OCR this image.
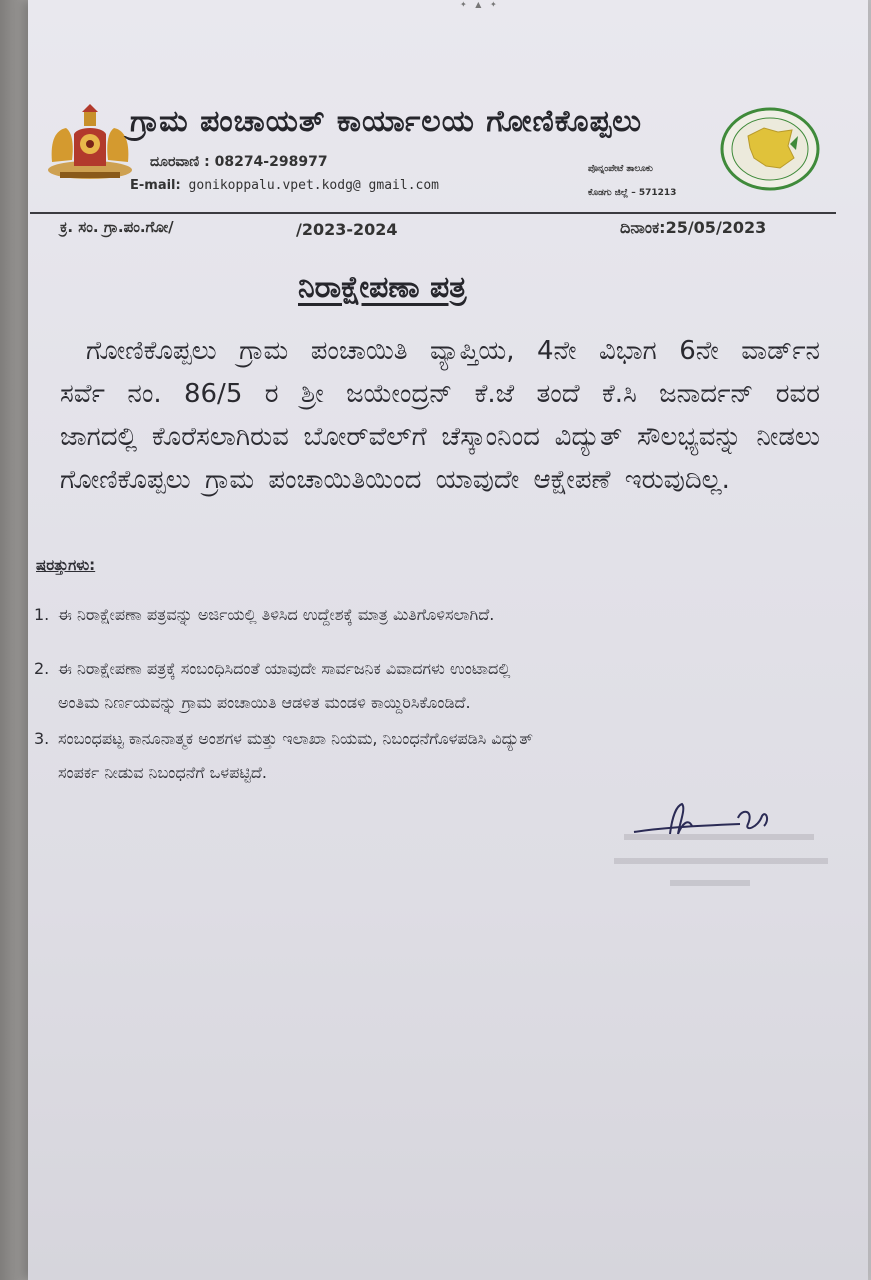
✦ ▲ ✦
ಗ್ರಾಮ ಪಂಚಾಯತ್ ಕಾರ್ಯಾಲಯ ಗೋಣಿಕೊಪ್ಪಲು
ದೂರವಾಣಿ : 08274-298977
E-mail: gonikoppalu.vpet.kodg@ gmail.com
ಪೊನ್ನಂಪೇಟೆ ತಾಲೂಕು
ಕೊಡಗು ಜಿಲ್ಲೆ – 571213
ಕ್ರ. ಸಂ. ಗ್ರಾ.ಪಂ.ಗೋ/	/2023-2024	ದಿನಾಂಕ:25/05/2023
ನಿರಾಕ್ಷೇಪಣಾ ಪತ್ರ
ಗೋಣಿಕೊಪ್ಪಲು ಗ್ರಾಮ ಪಂಚಾಯಿತಿ ವ್ಯಾಪ್ತಿಯ, 4ನೇ ವಿಭಾಗ 6ನೇ ವಾರ್ಡ್‌ನ ಸರ್ವೆ ನಂ. 86/5 ರ ಶ್ರೀ ಜಯೇಂದ್ರನ್ ಕೆ.ಜೆ ತಂದೆ ಕೆ.ಸಿ ಜನಾರ್ದನ್ ರವರ ಜಾಗದಲ್ಲಿ ಕೊರೆಸಲಾಗಿರುವ ಬೋರ್‌ವೆಲ್‌ಗೆ ಚೆಸ್ಕಾಂನಿಂದ ವಿದ್ಯುತ್ ಸೌಲಭ್ಯವನ್ನು ನೀಡಲು ಗೋಣಿಕೊಪ್ಪಲು ಗ್ರಾಮ ಪಂಚಾಯಿತಿಯಿಂದ ಯಾವುದೇ ಆಕ್ಷೇಪಣೆ ಇರುವುದಿಲ್ಲ.
ಷರತ್ತುಗಳು:
1. ಈ ನಿರಾಕ್ಷೇಪಣಾ ಪತ್ರವನ್ನು ಅರ್ಜಿಯಲ್ಲಿ ತಿಳಿಸಿದ ಉದ್ದೇಶಕ್ಕೆ ಮಾತ್ರ ಮಿತಿಗೊಳಿಸಲಾಗಿದೆ.
2. ಈ ನಿರಾಕ್ಷೇಪಣಾ ಪತ್ರಕ್ಕೆ ಸಂಬಂಧಿಸಿದಂತೆ ಯಾವುದೇ ಸಾರ್ವಜನಿಕ ವಿವಾದಗಳು ಉಂಟಾದಲ್ಲಿ
ಅಂತಿಮ ನಿರ್ಣಯವನ್ನು ಗ್ರಾಮ ಪಂಚಾಯಿತಿ ಆಡಳಿತ ಮಂಡಳಿ ಕಾಯ್ದಿರಿಸಿಕೊಂಡಿದೆ.
3. ಸಂಬಂಧಪಟ್ಟ ಕಾನೂನಾತ್ಮಕ ಅಂಶಗಳ ಮತ್ತು ಇಲಾಖಾ ನಿಯಮ, ನಿಬಂಧನೆಗೊಳಪಡಿಸಿ ವಿದ್ಯುತ್
ಸಂಪರ್ಕ ನೀಡುವ ನಿಬಂಧನೆಗೆ ಒಳಪಟ್ಟಿದೆ.
